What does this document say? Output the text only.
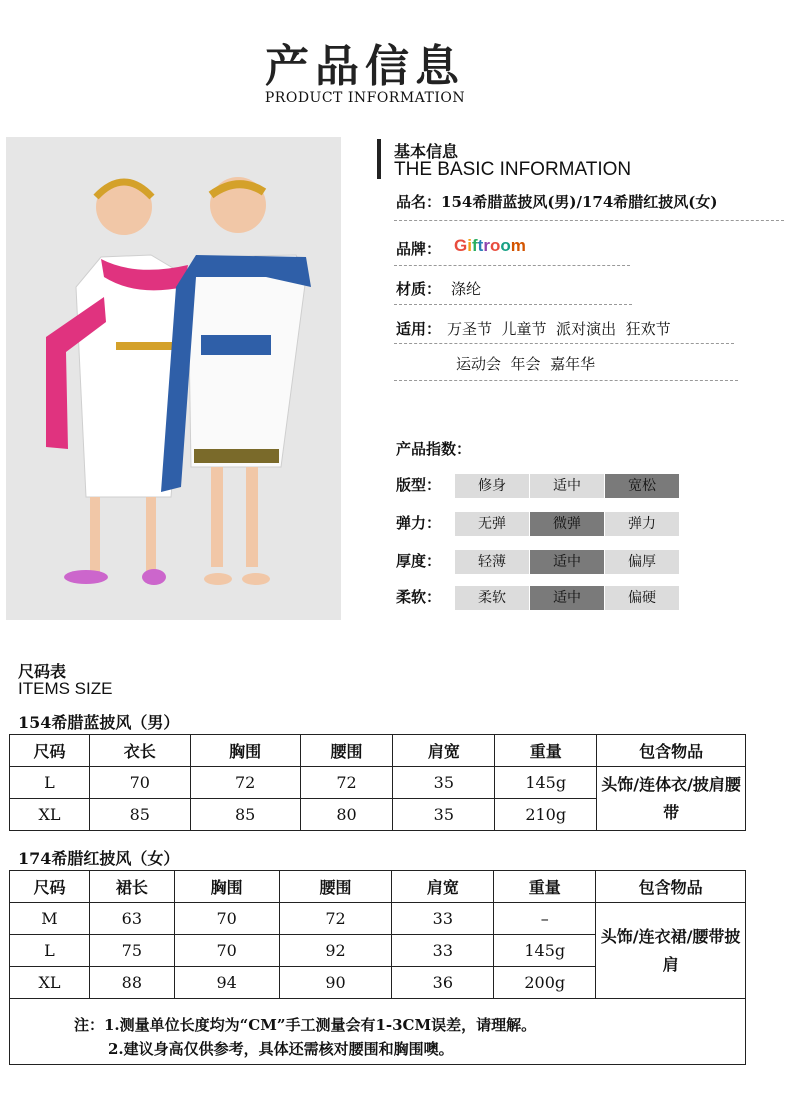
产品信息
PRODUCT INFORMATION
基本信息
THE BASIC INFORMATION
品名：154希腊蓝披风(男)/174希腊红披风(女)
品牌： Giftroom
材质： 涤纶
适用： 万圣节  儿童节  派对演出  狂欢节
运动会  年会  嘉年华
产品指数：
版型：	修身	适中	宽松
弹力：	无弹	微弹	弹力
厚度：	轻薄	适中	偏厚
柔软：	柔软	适中	偏硬
尺码表
ITEMS SIZE
154希腊蓝披风（男）
尺码	衣长	胸围	腰围	肩宽	重量	包含物品
L	70	72	72	35	145g	头饰/连体衣/披肩腰带
XL	85	85	80	35	210g	
174希腊红披风（女）
尺码	裙长	胸围	腰围	肩宽	重量	包含物品
M	63	70	72	33	–	头饰/连衣裙/腰带披肩
L	75	70	92	33	145g	
XL	88	94	90	36	200g	
注：1.测量单位长度均为“CM”手工测量会有1-3CM误差，请理解。
2.建议身高仅供参考，具体还需核对腰围和胸围噢。
